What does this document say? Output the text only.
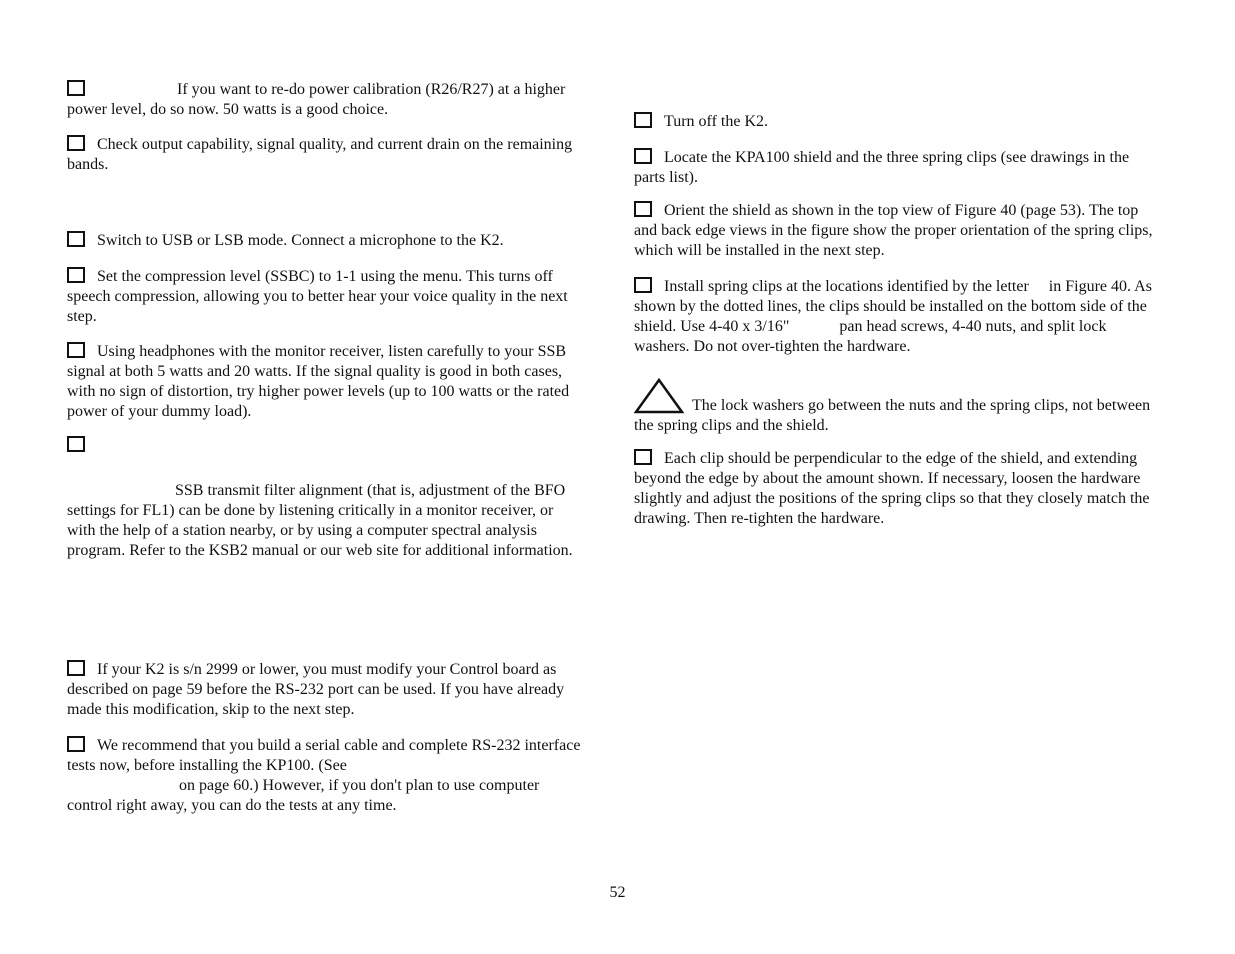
If you want to re-do power calibration (R26/R27) at a higher power level, do so now. 50 watts is a good choice.

Check output capability, signal quality, and current drain on the remaining bands.

Switch to USB or LSB mode. Connect a microphone to the K2.

Set the compression level (SSBC) to 1-1 using the menu. This turns off speech compression, allowing you to better hear your voice quality in the next step.

Using headphones with the monitor receiver, listen carefully to your SSB signal at both 5 watts and 20 watts. If the signal quality is good in both cases, with no sign of distortion, try higher power levels (up to 100 watts or the rated power of your dummy load).

SSB transmit filter alignment (that is, adjustment of the BFO settings for FL1) can be done by listening critically in a monitor receiver, or with the help of a station nearby, or by using a computer spectral analysis program. Refer to the KSB2 manual or our web site for additional information.

If your K2 is s/n 2999 or lower, you must modify your Control board as described on page 59 before the RS-232 port can be used. If you have already made this modification, skip to the next step.

We recommend that you build a serial cable and complete RS-232 interface tests now, before installing the KP100. (See
on page 60.) However, if you don't plan to use computer control right away, you can do the tests at any time.

Turn off the K2.

Locate the KPA100 shield and the three spring clips (see drawings in the parts list).

Orient the shield as shown in the top view of Figure 40 (page 53). The top and back edge views in the figure show the proper orientation of the spring clips, which will be installed in the next step.

Install spring clips at the locations identified by the letter in Figure 40. As shown by the dotted lines, the clips should be installed on the bottom side of the shield. Use 4-40 x 3/16"	pan head screws, 4-40 nuts, and split lock washers. Do not over-tighten the hardware.

The lock washers go between the nuts and the spring clips, not between the spring clips and the shield.

Each clip should be perpendicular to the edge of the shield, and extending beyond the edge by about the amount shown. If necessary, loosen the hardware slightly and adjust the positions of the spring clips so that they closely match the drawing. Then re-tighten the hardware.

52
